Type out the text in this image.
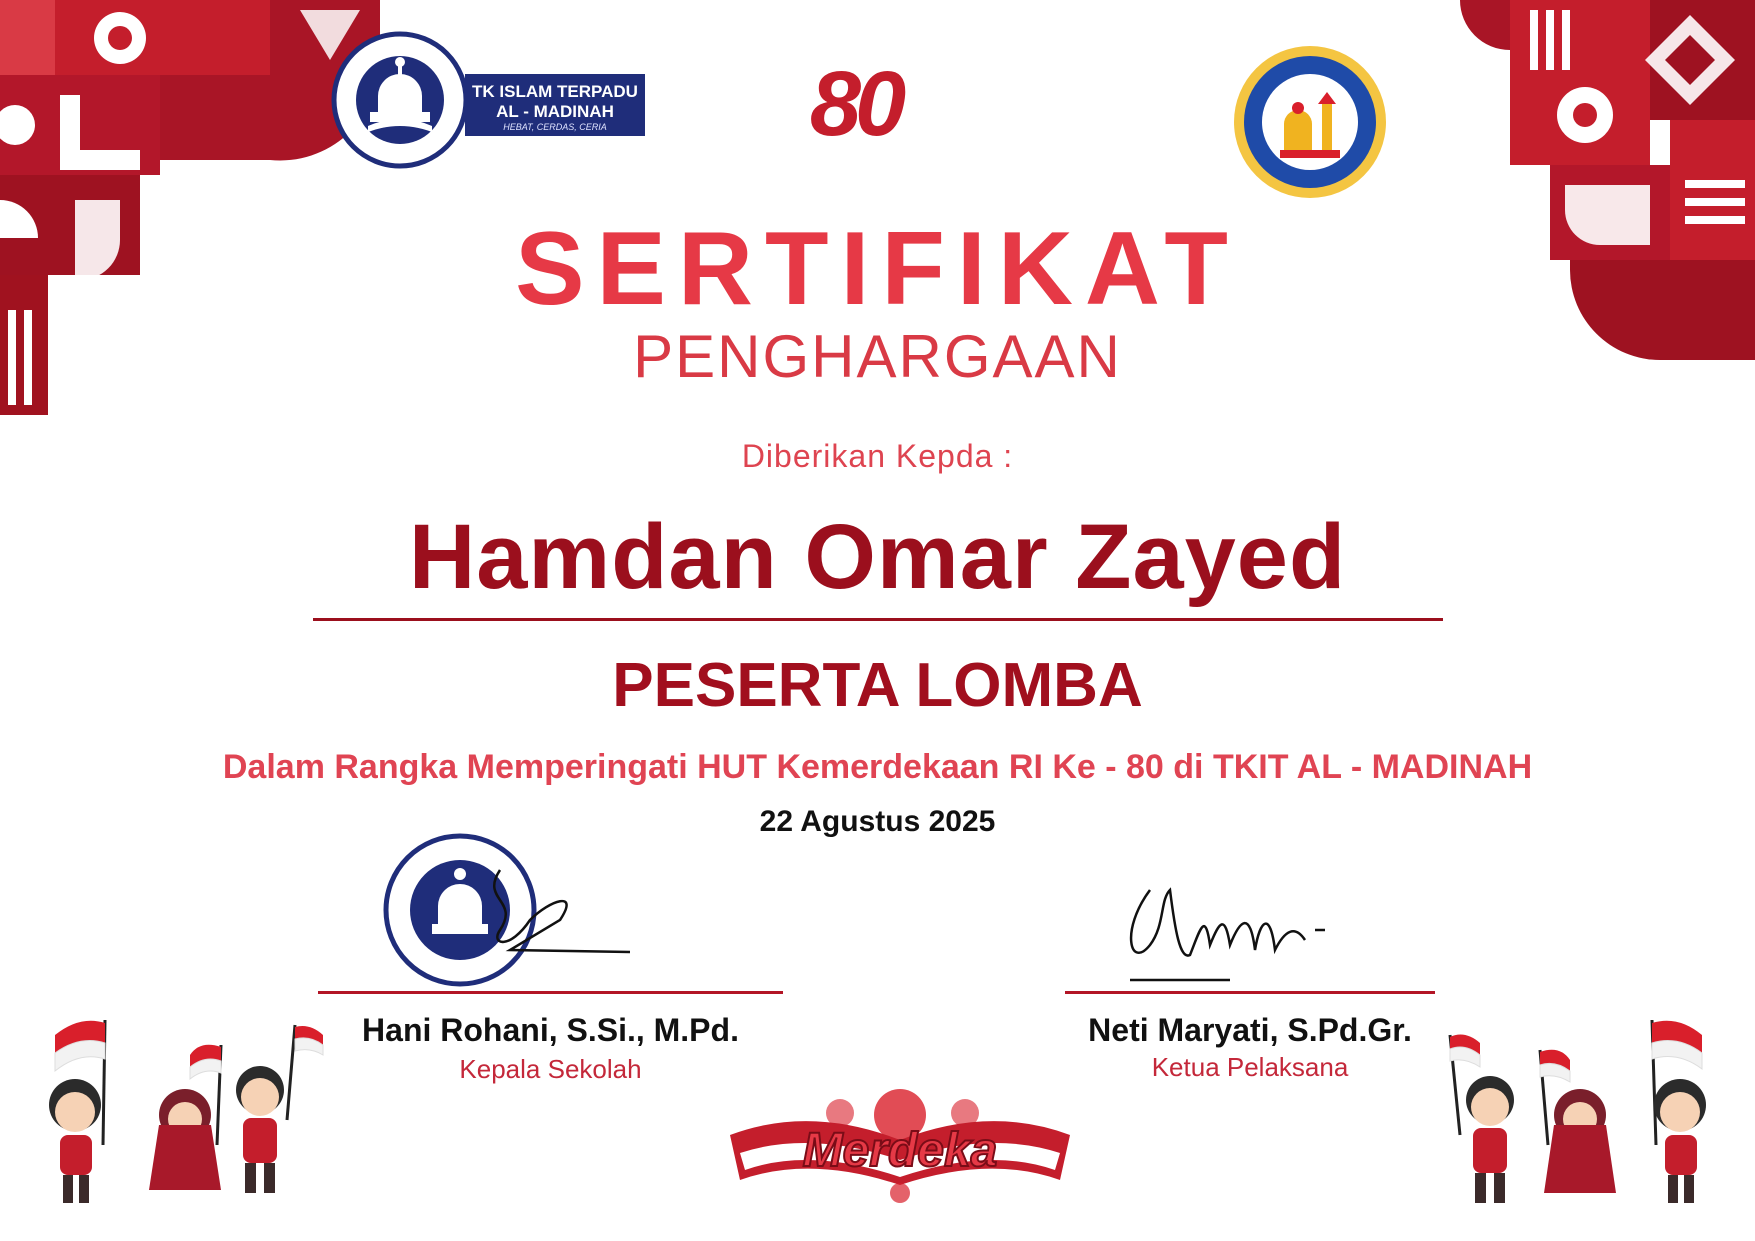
TK ISLAM TERPADU
AL - MADINAH
HEBAT, CERDAS, CERIA	80
SERTIFIKAT
PENGHARGAAN
Diberikan Kepda :
Hamdan Omar Zayed
PESERTA LOMBA
Dalam Rangka Memperingati HUT Kemerdekaan RI Ke - 80 di TKIT AL - MADINAH
22 Agustus 2025
Hani Rohani, S.Si., M.Pd.
Kepala Sekolah
Neti Maryati, S.Pd.Gr.
Ketua Pelaksana
Merdeka
